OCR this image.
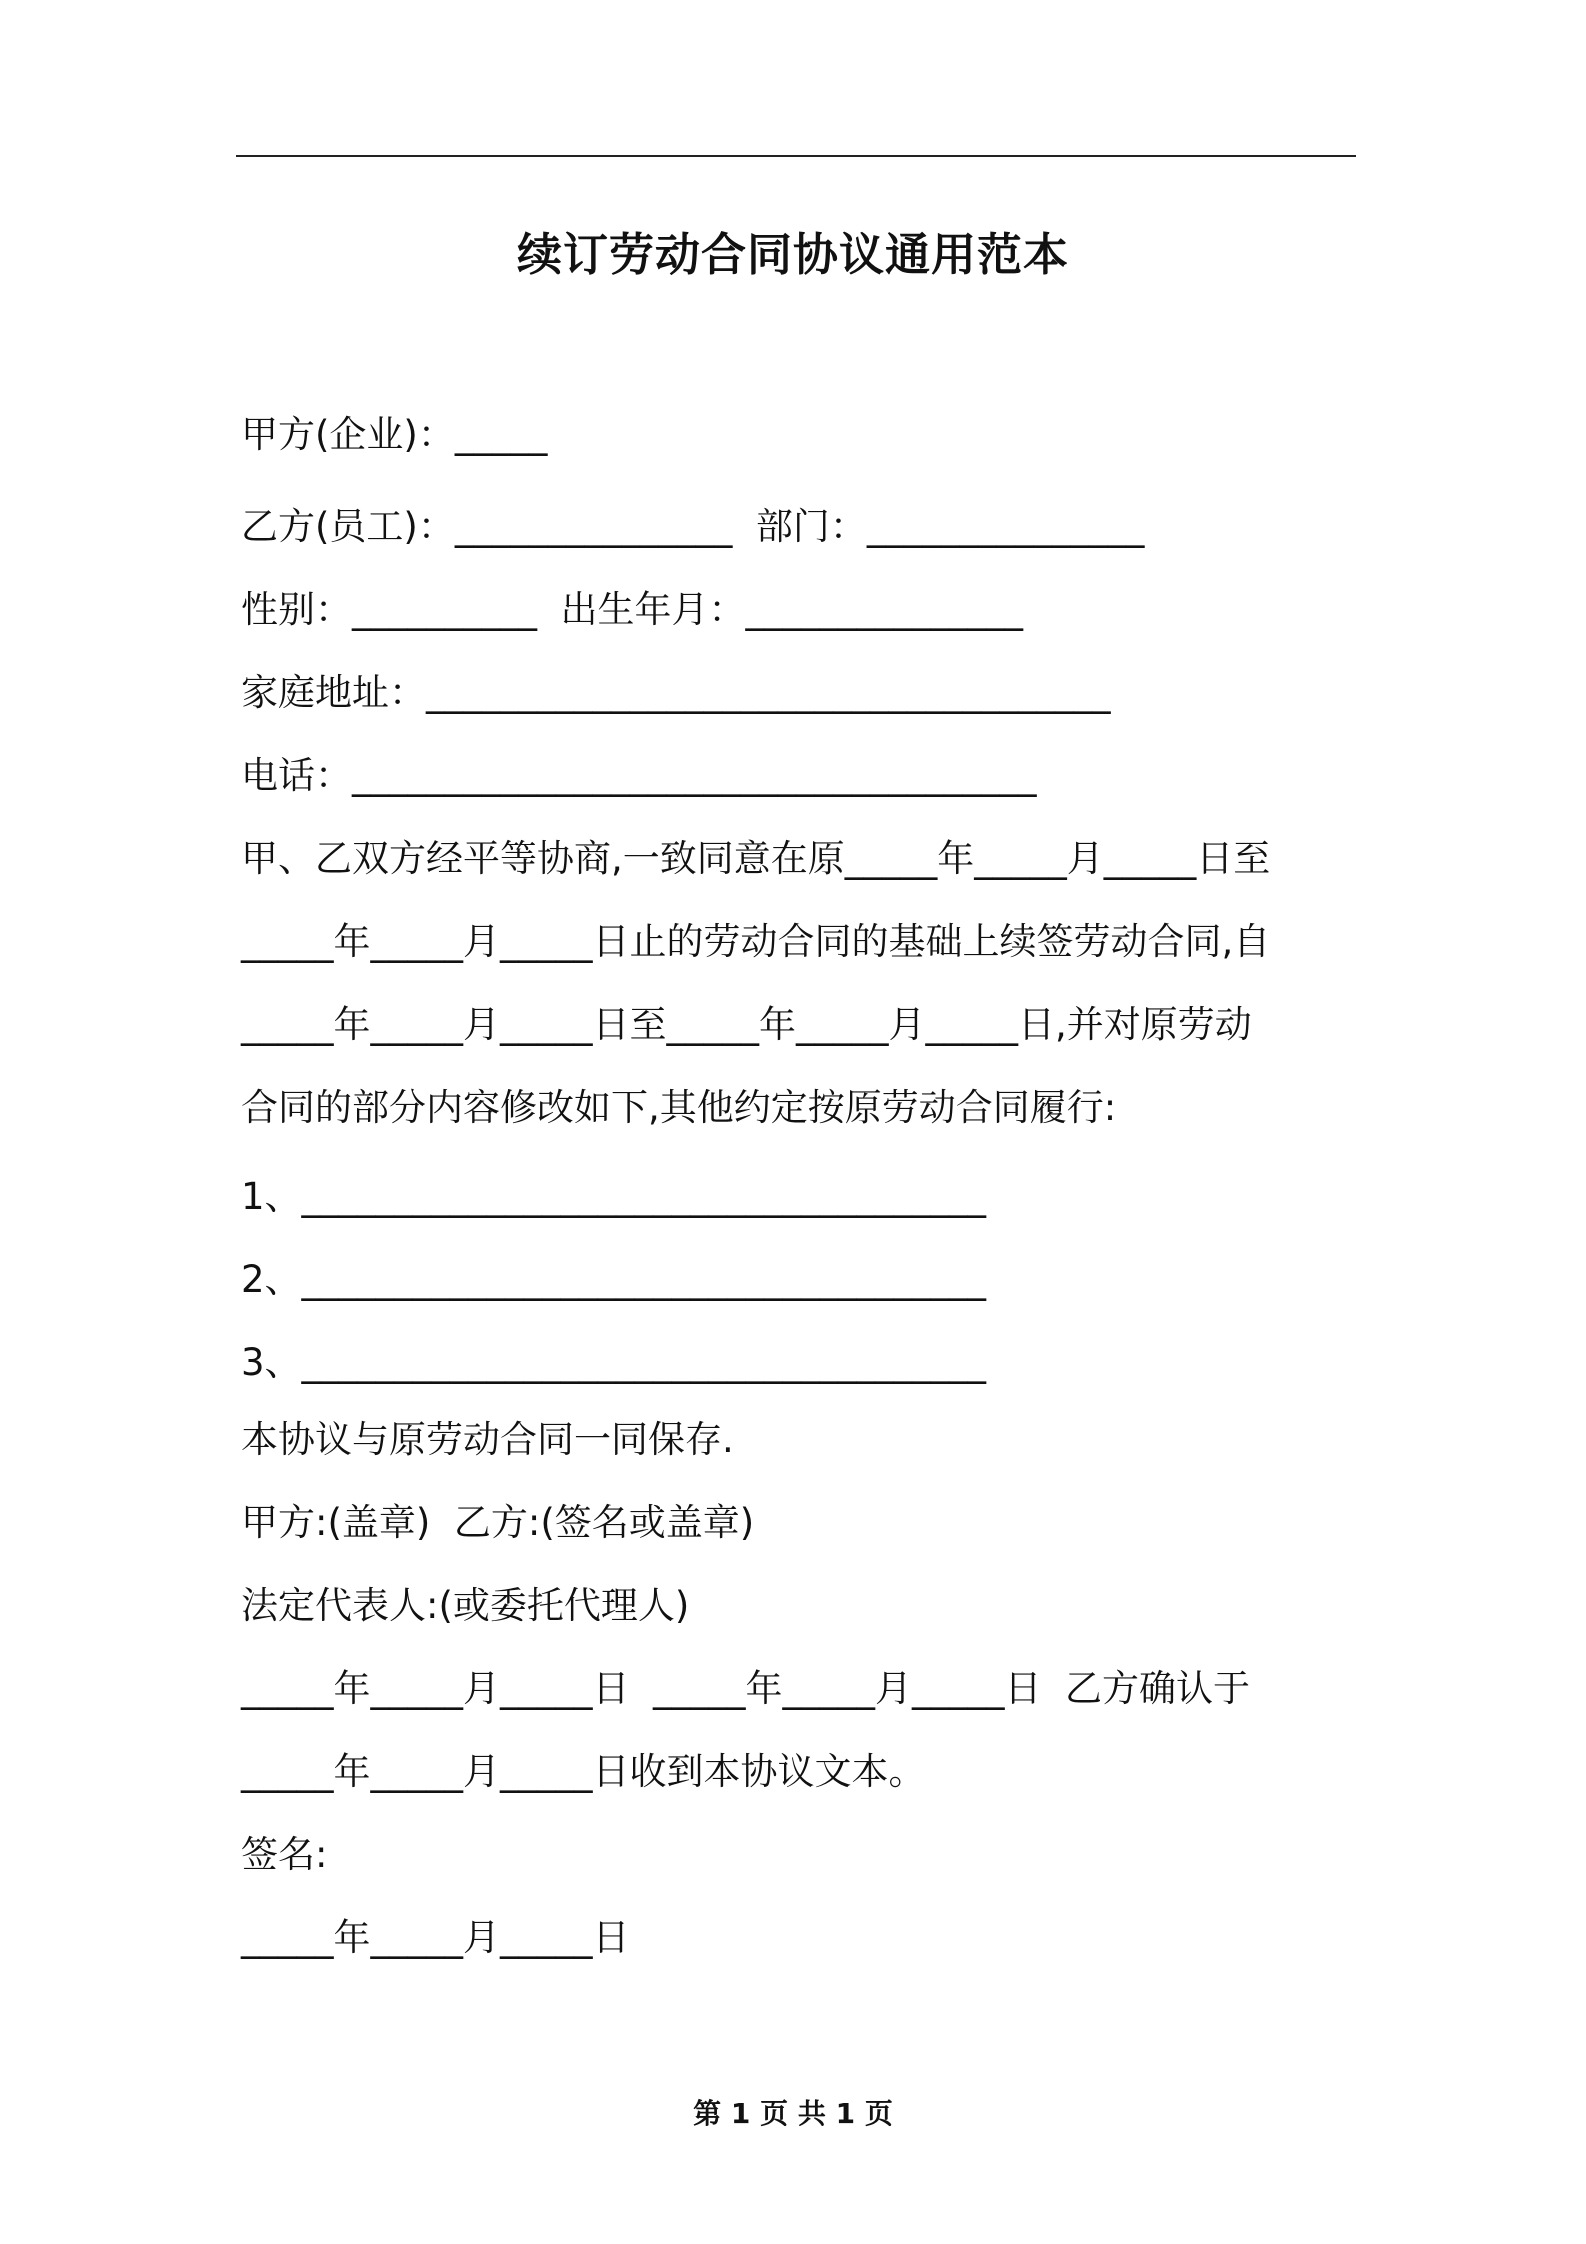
续订劳动合同协议通用范本
甲方(企业)：_____
乙方(员工)：_______________  部门：_______________
性别：__________  出生年月：_______________
家庭地址：_____________________________________
电话：_____________________________________
甲、乙双方经平等协商,一致同意在原_____年_____月_____日至
_____年_____月_____日止的劳动合同的基础上续签劳动合同,自
_____年_____月_____日至_____年_____月_____日,并对原劳动
合同的部分内容修改如下,其他约定按原劳动合同履行:
1、_____________________________________
2、_____________________________________
3、_____________________________________
本协议与原劳动合同一同保存.
甲方:(盖章)  乙方:(签名或盖章)
法定代表人:(或委托代理人)
_____年_____月_____日  _____年_____月_____日  乙方确认于
_____年_____月_____日收到本协议文本。
签名:
_____年_____月_____日
第 1 页 共 1 页
